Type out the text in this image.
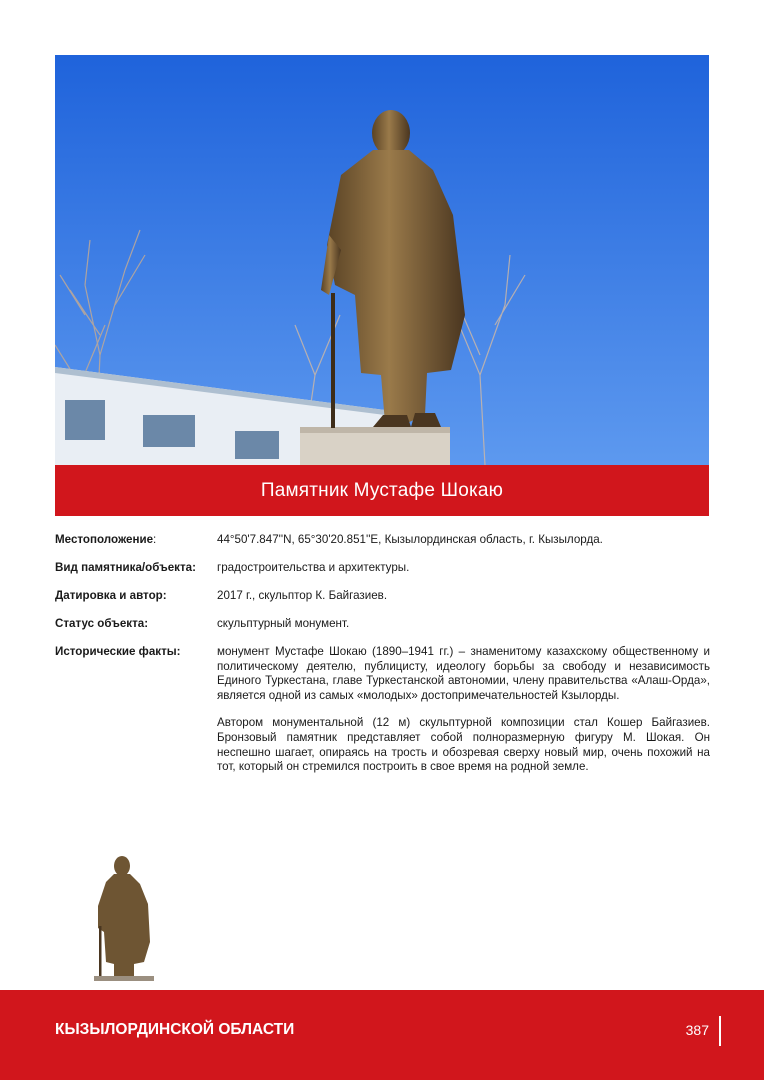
Памятник Мустафе Шокаю
Местоположение:	44°50'7.847''N, 65°30'20.851''E, Кызылординская область, г. Кызылорда.
Вид памятника/объекта:	градостроительства и архитектуры.
Датировка и автор:	2017 г., скульптор К. Байгазиев.
Статус объекта:	скульптурный монумент.
Исторические факты:	монумент Мустафе Шокаю (1890–1941 гг.) – знаменитому казахскому общественному и политическому деятелю, публицисту, идеологу борьбы за свободу и независимость Единого Туркестана, главе Туркестанской автономии, члену правительства «Алаш-Орда», является одной из самых «молодых» достопримечательностей Кзылорды.

Автором монументальной (12 м) скульптурной композиции стал Кошер Байгазиев. Бронзовый памятник представляет собой полноразмерную фигуру М. Шокая. Он неспешно шагает, опираясь на трость и обозревая сверху новый мир, очень похожий на тот, который он стремился построить в свое время на родной земле.

КЫЗЫЛОРДИНСКОЙ ОБЛАСТИ	387
